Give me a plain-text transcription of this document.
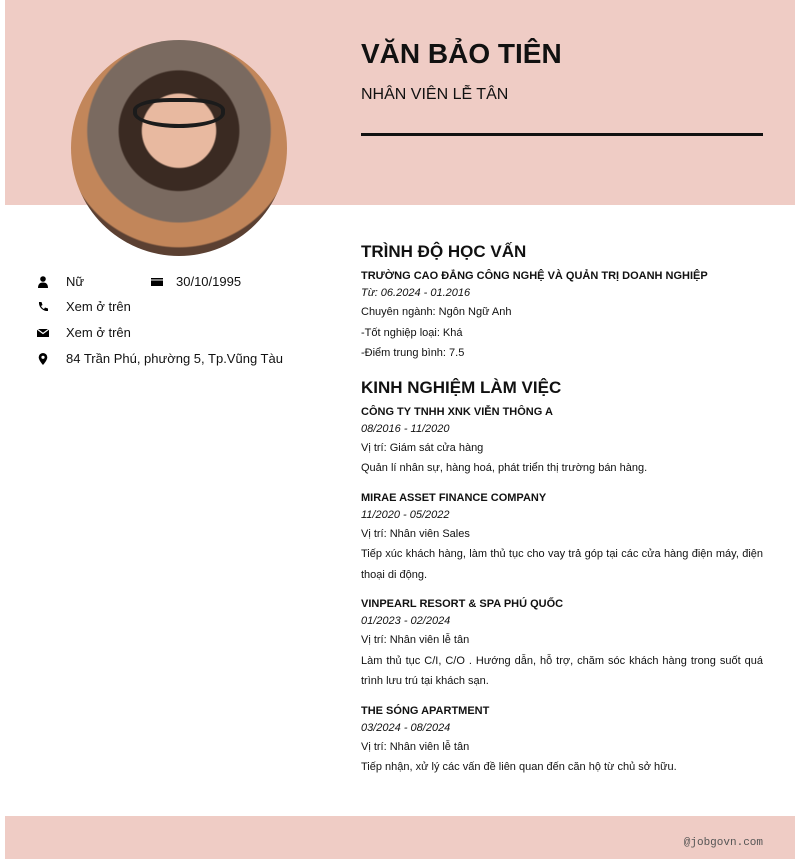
VĂN BẢO TIÊN
NHÂN VIÊN LỄ TÂN
Nữ	30/10/1995
Xem ở trên
Xem ở trên
84 Trần Phú, phường 5, Tp.Vũng Tàu
TRÌNH ĐỘ HỌC VẤN
TRƯỜNG CAO ĐẲNG CÔNG NGHỆ VÀ QUẢN TRỊ DOANH NGHIỆP
Từ: 06.2024 - 01.2016
Chuyên ngành: Ngôn Ngữ Anh
-Tốt nghiệp loại: Khá
-Điểm trung bình: 7.5
KINH NGHIỆM LÀM VIỆC
CÔNG TY TNHH XNK VIỄN THÔNG A
08/2016 - 11/2020
Vị trí: Giám sát cửa hàng
Quản lí nhân sự, hàng hoá, phát triển thị trường bán hàng.
MIRAE ASSET FINANCE COMPANY
11/2020 - 05/2022
Vị trí: Nhân viên Sales
Tiếp xúc khách hàng, làm thủ tục cho vay trả góp tại các cửa hàng điện máy, điện thoại di động.
VINPEARL RESORT & SPA PHÚ QUỐC
01/2023 - 02/2024
Vị trí: Nhân viên lễ tân
Làm thủ tục C/I, C/O . Hướng dẫn, hỗ trợ, chăm sóc khách hàng trong suốt quá trình lưu trú tại khách sạn.
THE SÓNG APARTMENT
03/2024 - 08/2024
Vị trí: Nhân viên lễ tân
Tiếp nhận, xử lý các vấn đề liên quan đến căn hộ từ chủ sở hữu.
@jobgovn.com
